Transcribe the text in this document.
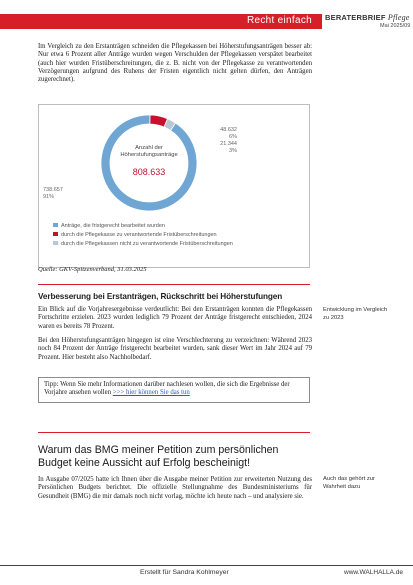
Recht einfach BERATERBRIEF Pflege
Mai 2025/09

Im Vergleich zu den Erstanträgen schneiden die Pflegekassen bei Höherstufungsanträgen besser ab: Nur etwa 6 Prozent aller Anträge wurden wegen Verschulden der Pflegekassen verspätet bearbeitet (auch hier wurden Fristüberschreitungen, die z. B. nicht von der Pflegekasse zu verantwortenden Verzögerungen aufgrund des Ruhens der Fristen eigentlich nicht gelten dürfen, den Anträgen zugerechnet).

738.657
91%
48.632
6%
21.344
3%
Anzahl der
Höherstufungsanträge
808.633
Anträge, die fristgerecht bearbeitet wurden
durch die Pflegekasse zu verantwortende Fristüberschreitungen
durch die Pflegekassen nicht zu verantwortende Fristüberschreitungen
Quelle: GKV-Spitzenverband, 31.03.2025
Verbesserung bei Erstanträgen, Rückschritt bei Höherstufungen

Ein Blick auf die Vorjahresergebnisse verdeutlicht: Bei den Erstanträgen konnten die Pflegekassen Fortschritte erzielen. 2023 wurden lediglich 79 Prozent der Anträge fristgerecht entschieden, 2024 waren es bereits 78 Prozent.

Bei den Höherstufungsanträgen hingegen ist eine Verschlechterung zu verzeichnen: Während 2023 noch 84 Prozent der Anträge fristgerecht bearbeitet wurden, sank dieser Wert im Jahr 2024 auf 79 Prozent. Hier besteht also Nachholbedarf.

Entwicklung im Vergleich zu 2023
Tipp: Wenn Sie mehr Informationen darüber nachlesen wollen, die sich die Ergebnisse der Vorjahre ansehen wollen >>> hier können Sie das tun
Warum das BMG meiner Petition zum persönlichen Budget keine Aussicht auf Erfolg bescheinigt!

In Ausgabe 07/2025 hatte ich Ihnen über die Ausgabe meiner Petition zur erweiterten Nutzung des Persönlichen Budgets berichtet. Die offizielle Stellungnahme des Bundesministeriums für Gesundheit (BMG) die mir damals noch nicht vorlag, möchte ich heute nach – und analysiere sie.

Auch das gehört zur Wahrheit dazu
Erstellt für Sandra Kohlmeyer	www.WALHALLA.de
